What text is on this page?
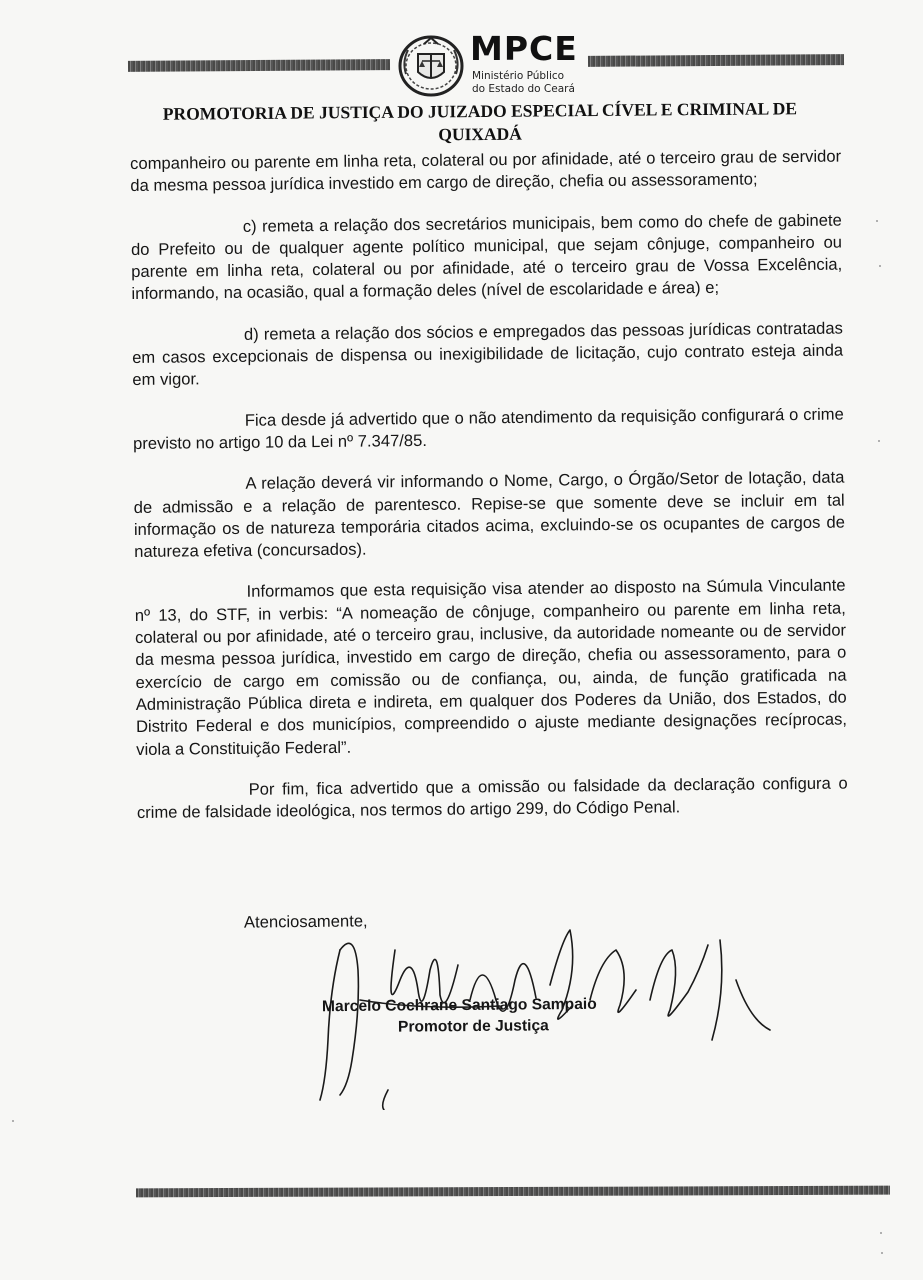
MPCE
Ministério Público
do Estado do Ceará
PROMOTORIA DE JUSTIÇA DO JUIZADO ESPECIAL CÍVEL E CRIMINAL DE
QUIXADÁ

companheiro ou parente em linha reta, colateral ou por afinidade, até o terceiro grau de servidor da mesma pessoa jurídica investido em cargo de direção, chefia ou assessoramento;

c) remeta a relação dos secretários municipais, bem como do chefe de gabinete do Prefeito ou de qualquer agente político municipal, que sejam cônjuge, companheiro ou parente em linha reta, colateral ou por afinidade, até o terceiro grau de Vossa Excelência, informando, na ocasião, qual a formação deles (nível de escolaridade e área) e;

d) remeta a relação dos sócios e empregados das pessoas jurídicas contratadas em casos excepcionais de dispensa ou inexigibilidade de licitação, cujo contrato esteja ainda em vigor.

Fica desde já advertido que o não atendimento da requisição configurará o crime previsto no artigo 10 da Lei nº 7.347/85.

A relação deverá vir informando o Nome, Cargo, o Órgão/Setor de lotação, data de admissão e a relação de parentesco. Repise-se que somente deve se incluir em tal informação os de natureza temporária citados acima, excluindo-se os ocupantes de cargos de natureza efetiva (concursados).

Informamos que esta requisição visa atender ao disposto na Súmula Vinculante nº 13, do STF, in verbis: “A nomeação de cônjuge, companheiro ou parente em linha reta, colateral ou por afinidade, até o terceiro grau, inclusive, da autoridade nomeante ou de servidor da mesma pessoa jurídica, investido em cargo de direção, chefia ou assessoramento, para o exercício de cargo em comissão ou de confiança, ou, ainda, de função gratificada na Administração Pública direta e indireta, em qualquer dos Poderes da União, dos Estados, do Distrito Federal e dos municípios, compreendido o ajuste mediante designações recíprocas, viola a Constituição Federal”.

Por fim, fica advertido que a omissão ou falsidade da declaração configura o crime de falsidade ideológica, nos termos do artigo 299, do Código Penal.

Atenciosamente,
Marcelo Cochrane Santiago Sampaio
Promotor de Justiça
